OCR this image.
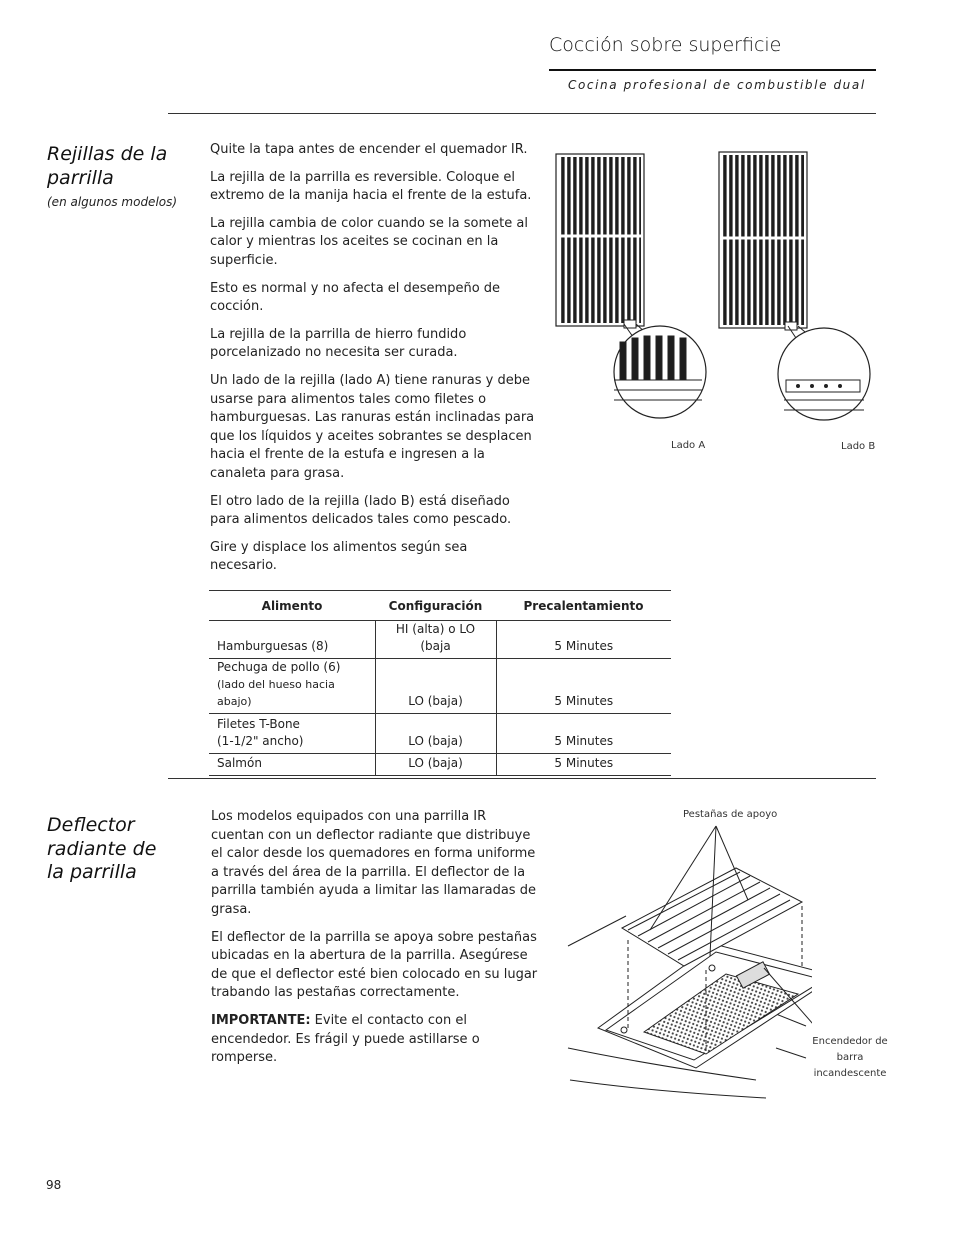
Cocción sobre superficie
Cocina profesional de combustible dual
Rejillas de la parrilla
(en algunos modelos)

Quite la tapa antes de encender el quemador IR.

La rejilla de la parrilla es reversible. Coloque el extremo de la manija hacia el frente de la estufa.

La rejilla cambia de color cuando se la somete al calor y mientras los aceites se cocinan en la superficie.

Esto es normal y no afecta el desempeño de cocción.

La rejilla de la parrilla de hierro fundido porcelanizado no necesita ser curada.

Un lado de la rejilla (lado A) tiene ranuras y debe usarse para alimentos tales como filetes o hamburguesas. Las ranuras están inclinadas para que los líquidos y aceites sobrantes se desplacen hacia el frente de la estufa e ingresen a la canaleta para grasa.

El otro lado de la rejilla (lado B) está diseñado para alimentos delicados tales como pescado.

Gire y displace los alimentos según sea necesario.

Lado A	Lado B
Alimento	Configuración	Precalentamiento
Hamburguesas (8)	HI (alta) o LO (baja	5 Minutes
Pechuga de pollo (6)
(lado del hueso hacia abajo)	LO (baja)	5 Minutes
Filetes T-Bone
(1-1/2" ancho)	LO (baja)	5 Minutes
Salmón	LO (baja)	5 Minutes
Deflector radiante de la parrilla

Los modelos equipados con una parrilla IR cuentan con un deflector radiante que distribuye el calor desde los quemadores en forma uniforme a través del área de la parrilla. El deflector de la parrilla también ayuda a limitar las llamaradas de grasa.

El deflector de la parrilla se apoya sobre pestañas ubicadas en la abertura de la parrilla. Asegúrese de que el deflector esté bien colocado en su lugar trabando las pestañas correctamente.

IMPORTANTE: Evite el contacto con el encendedor. Es frágil y puede astillarse o romperse.

Pestañas de apoyo
Encendedor de barra incandescente
98
